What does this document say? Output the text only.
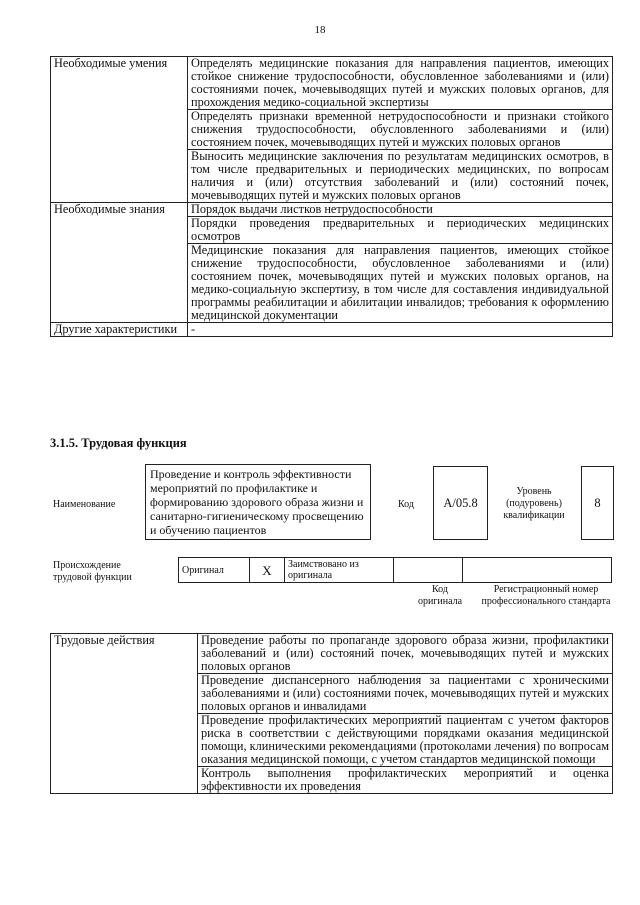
18
Необходимые умения	Определять медицинские показания для направления пациентов, имеющих стойкое снижение трудоспособности, обусловленное заболеваниями и (или) состояниями почек, мочевыводящих путей и мужских половых органов, для прохождения медико-социальной экспертизы
	Определять признаки временной нетрудоспособности и признаки стойкого снижения трудоспособности, обусловленного заболеваниями и (или) состоянием почек, мочевыводящих путей и мужских половых органов
	Выносить медицинские заключения по результатам медицинских осмотров, в том числе предварительных и периодических медицинских, по вопросам наличия и (или) отсутствия заболеваний и (или) состояний почек, мочевыводящих путей и мужских половых органов
Необходимые знания	Порядок выдачи листков нетрудоспособности
	Порядки проведения предварительных и периодических медицинских осмотров
	Медицинские показания для направления пациентов, имеющих стойкое снижение трудоспособности, обусловленное заболеваниями и (или) состоянием почек, мочевыводящих путей и мужских половых органов, на медико-социальную экспертизу, в том числе для составления индивидуальной программы реабилитации и абилитации инвалидов; требования к оформлению медицинской документации
Другие характеристики	-
3.1.5. Трудовая функция
Наименование
Проведение и контроль эффективности мероприятий по профилактике и формированию здорового образа жизни и санитарно-гигиеническому просвещению и обучению пациентов
Код	A/05.8
Уровень (подуровень) квалификации
8
Происхождение трудовой функции
Оригинал	X	Заимствовано из оригинала		
Код оригинала
Регистрационный номер профессионального стандарта
Трудовые действия	Проведение работы по пропаганде здорового образа жизни, профилактики заболеваний и (или) состояний почек, мочевыводящих путей и мужских половых органов
Проведение диспансерного наблюдения за пациентами с хроническими заболеваниями и (или) состояниями почек, мочевыводящих путей и мужских половых органов и инвалидами
Проведение профилактических мероприятий пациентам с учетом факторов риска в соответствии с действующими порядками оказания медицинской помощи, клиническими рекомендациями (протоколами лечения) по вопросам оказания медицинской помощи, с учетом стандартов медицинской помощи
Контроль выполнения профилактических мероприятий и оценка эффективности их проведения
